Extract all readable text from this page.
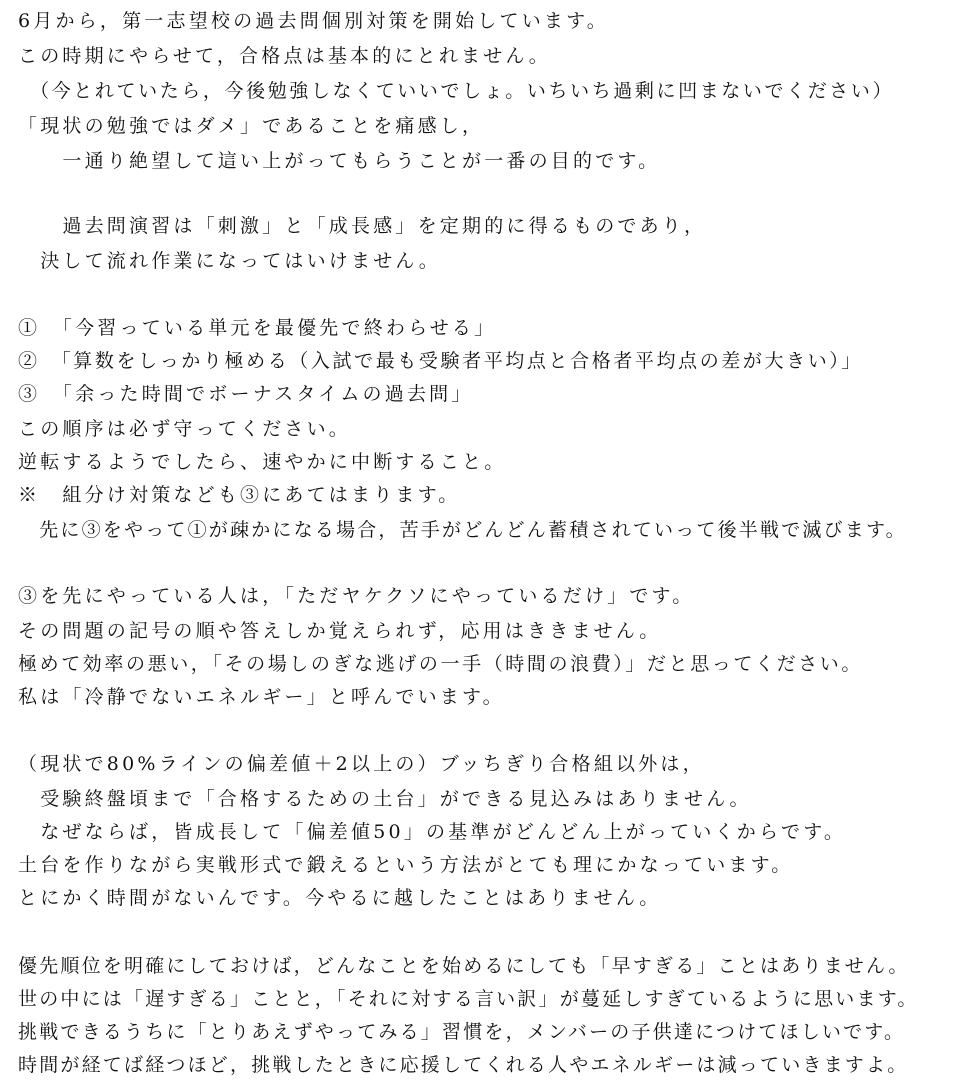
6月から，第一志望校の過去問個別対策を開始しています。
この時期にやらせて，合格点は基本的にとれません。
　（今とれていたら，今後勉強しなくていいでしょ。いちいち過剰に凹まないでください）
「現状の勉強ではダメ」であることを痛感し，
　　一通り絶望して這い上がってもらうことが一番の目的です。
　　過去問演習は「刺激」と「成長感」を定期的に得るものであり，
　決して流れ作業になってはいけません。
①　「今習っている単元を最優先で終わらせる」
②　「算数をしっかり極める（入試で最も受験者平均点と合格者平均点の差が大きい）」
③　「余った時間でボーナスタイムの過去問」
この順序は必ず守ってください。
逆転するようでしたら、速やかに中断すること。
※　組分け対策なども③にあてはまります。
　先に③をやって①が疎かになる場合，苦手がどんどん蓄積されていって後半戦で滅びます。
③を先にやっている人は，「ただヤケクソにやっているだけ」です。
その問題の記号の順や答えしか覚えられず，応用はききません。
極めて効率の悪い，「その場しのぎな逃げの一手（時間の浪費）」だと思ってください。
私は「冷静でないエネルギー」と呼んでいます。
（現状で80%ラインの偏差値＋2以上の）ブッちぎり合格組以外は，
　受験終盤頃まで「合格するための土台」ができる見込みはありません。
　なぜならば，皆成長して「偏差値50」の基準がどんどん上がっていくからです。
土台を作りながら実戦形式で鍛えるという方法がとても理にかなっています。
とにかく時間がないんです。今やるに越したことはありません。
優先順位を明確にしておけば，どんなことを始めるにしても「早すぎる」ことはありません。
世の中には「遅すぎる」ことと，「それに対する言い訳」が蔓延しすぎているように思います。
挑戦できるうちに「とりあえずやってみる」習慣を，メンバーの子供達につけてほしいです。
時間が経てば経つほど，挑戦したときに応援してくれる人やエネルギーは減っていきますよ。
